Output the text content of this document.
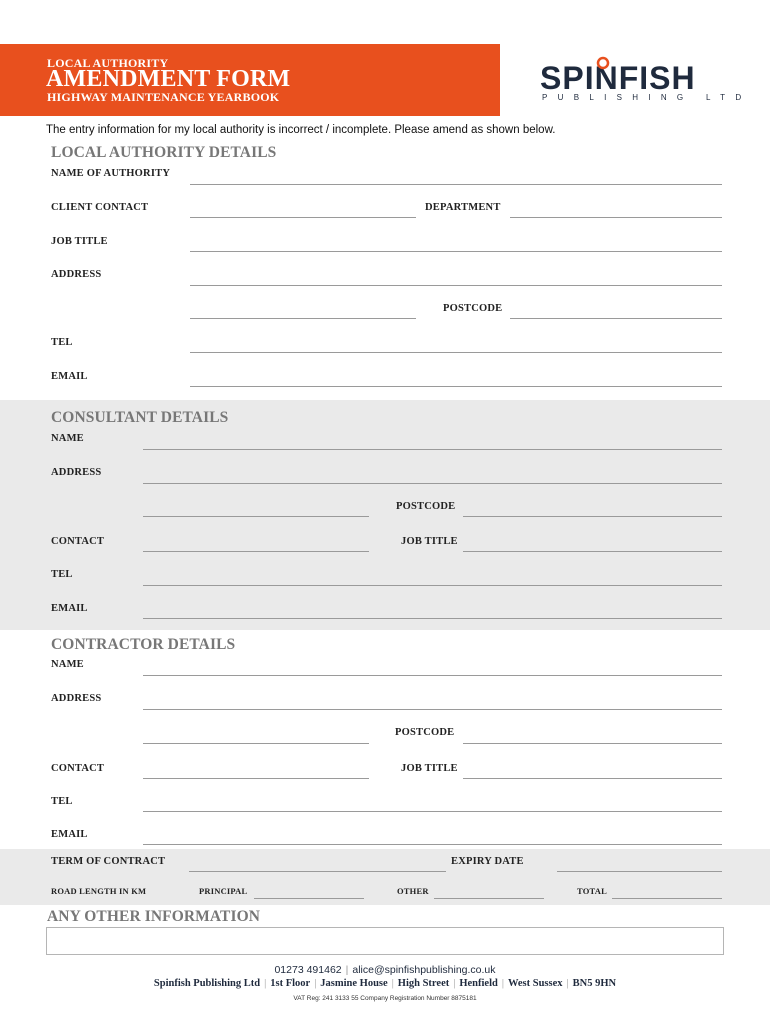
LOCAL AUTHORITY
AMENDMENT FORM
HIGHWAY MAINTENANCE YEARBOOK
SPINFISH
PUBLISHING LTD
The entry information for my local authority is incorrect / incomplete. Please amend as shown below.
LOCAL AUTHORITY DETAILS
NAME OF AUTHORITY
CLIENT CONTACT	DEPARTMENT
JOB TITLE
ADDRESS
POSTCODE
TEL
EMAIL
CONSULTANT DETAILS
NAME
ADDRESS
POSTCODE
CONTACT	JOB TITLE
TEL
EMAIL
CONTRACTOR DETAILS
NAME
ADDRESS
POSTCODE
CONTACT	JOB TITLE
TEL
EMAIL
TERM OF CONTRACT	EXPIRY DATE
ROAD LENGTH IN KM	PRINCIPAL	OTHER	TOTAL
ANY OTHER INFORMATION
01273 491462 | alice@spinfishpublishing.co.uk
Spinfish Publishing Ltd | 1st Floor | Jasmine House | High Street | Henfield | West Sussex | BN5 9HN
VAT Reg: 241 3133 55 Company Registration Number 8875181
